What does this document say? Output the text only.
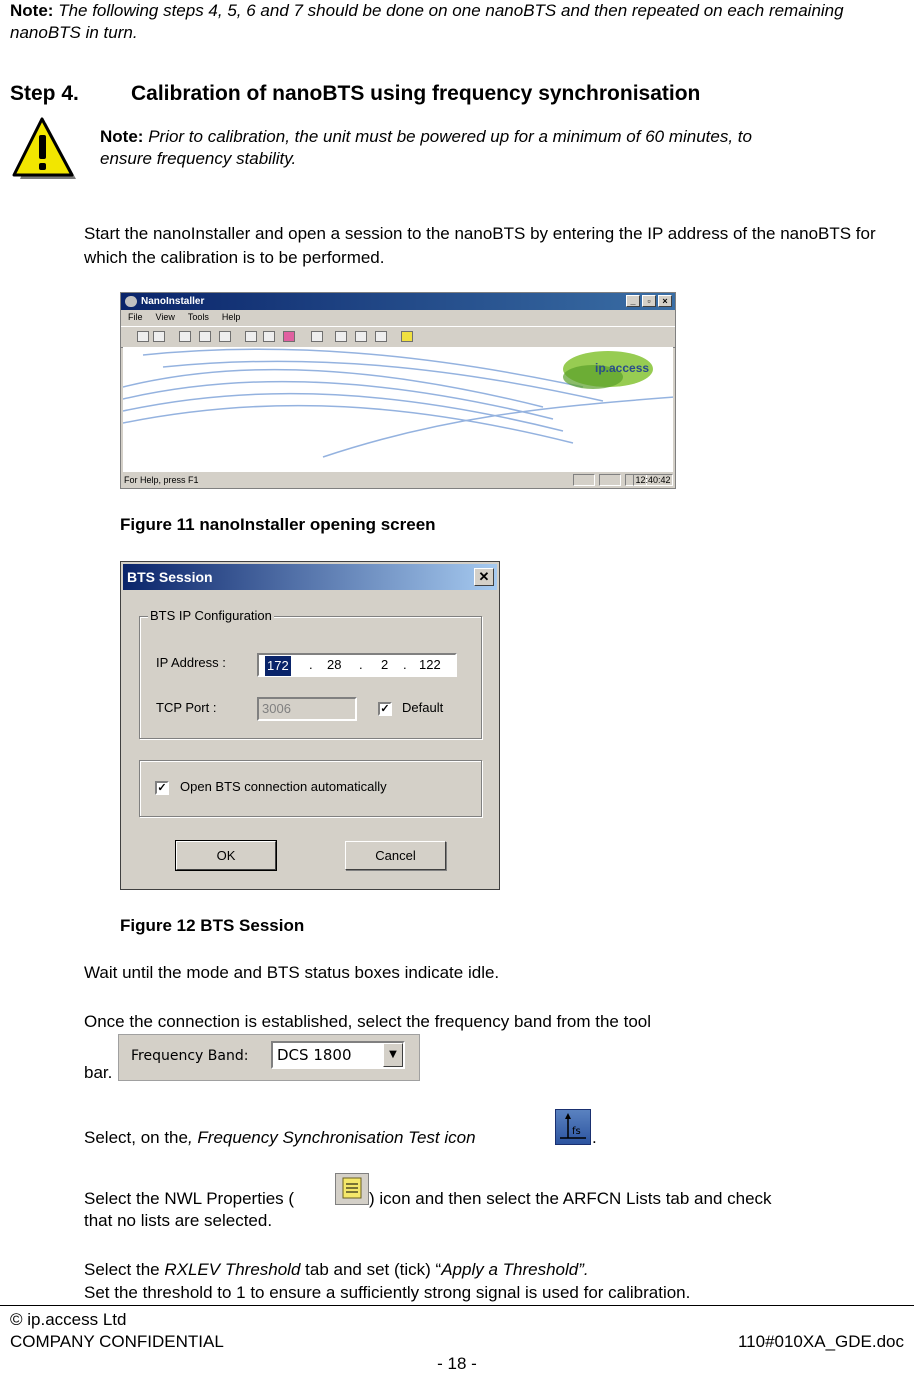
Note: The following steps 4, 5, 6 and 7 should be done on one nanoBTS and then repeated on each remaining nanoBTS in turn.
Step 4. Calibration of nanoBTS using frequency synchronisation
Note: Prior to calibration, the unit must be powered up for a minimum of 60 minutes, to ensure frequency stability.
Start the nanoInstaller and open a session to the nanoBTS by entering the IP address of the nanoBTS for which the calibration is to be performed.
NanoInstaller	_	▫	×
File View Tools Help
ip.access
For Help, press F1	12:40:42
Figure 11 nanoInstaller opening screen
BTS Session	✕
BTS IP Configuration
IP Address :	172 . 28 . 2 . 122
TCP Port :	3006	✓ Default
✓ Open BTS connection automatically
OK	Cancel
Figure 12 BTS Session
Wait until the mode and BTS status boxes indicate idle.
Once the connection is established, select the frequency band from the tool
bar.
Frequency Band:	DCS 1800	▼
Select, on the, Frequency Synchronisation Test icon	fs .
Select the NWL Properties (	) icon and then select the ARFCN Lists tab and check
that no lists are selected.
Select the RXLEV Threshold tab and set (tick) “Apply a Threshold”.
Set the threshold to 1 to ensure a sufficiently strong signal is used for calibration.
© ip.access Ltd
COMPANY CONFIDENTIAL	110#010XA_GDE.doc
- 18 -
